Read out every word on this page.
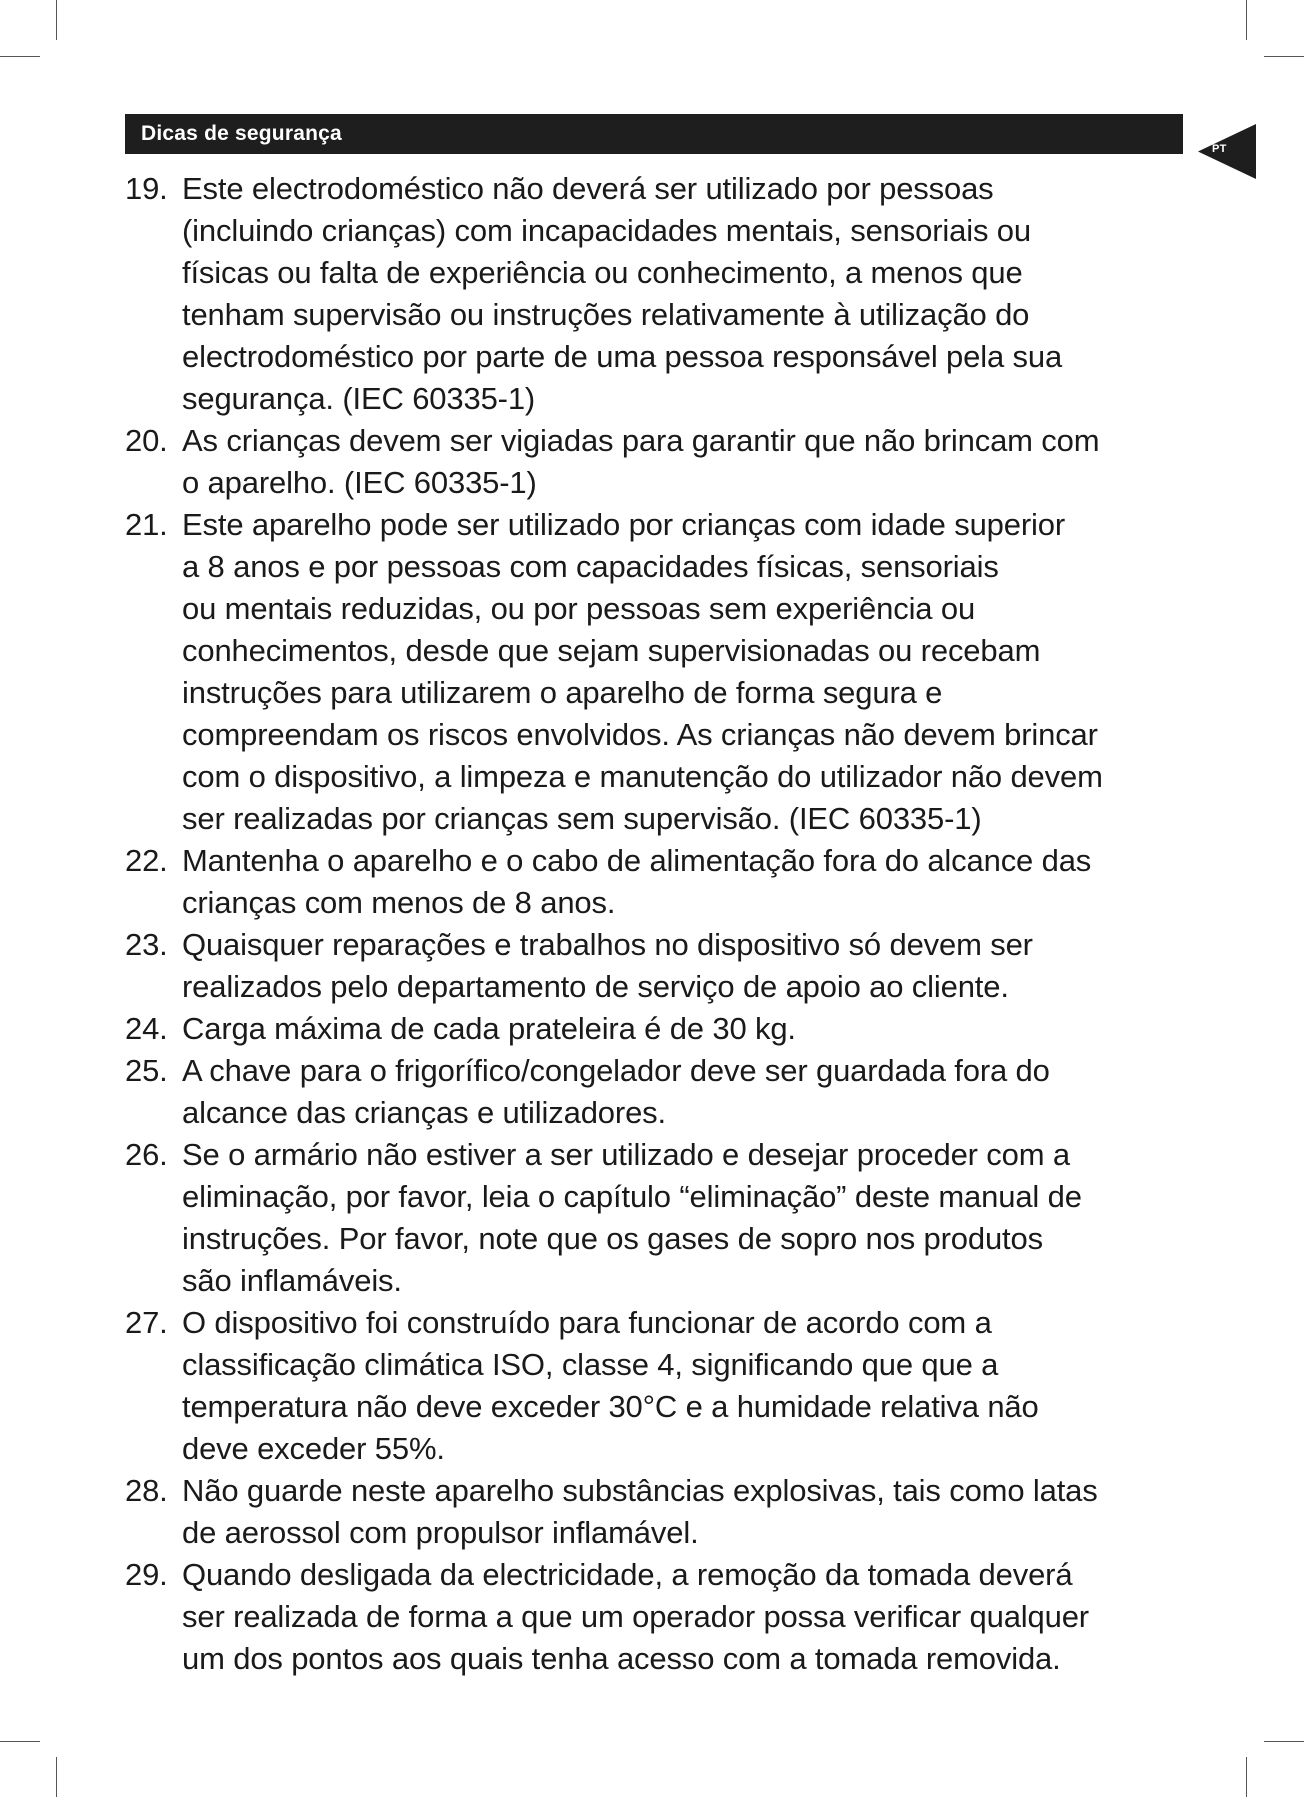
Dicas de segurança
PT
19. Este electrodoméstico não deverá ser utilizado por pessoas
(incluindo crianças) com incapacidades mentais, sensoriais ou
físicas ou falta de experiência ou conhecimento, a menos que
tenham supervisão ou instruções relativamente à utilização do
electrodoméstico por parte de uma pessoa responsável pela sua
segurança. (IEC 60335-1)
20. As crianças devem ser vigiadas para garantir que não brincam com
o aparelho. (IEC 60335-1)
21. Este aparelho pode ser utilizado por crianças com idade superior
a 8 anos e por pessoas com capacidades físicas, sensoriais
ou mentais reduzidas, ou por pessoas sem experiência ou
conhecimentos, desde que sejam supervisionadas ou recebam
instruções para utilizarem o aparelho de forma segura e
compreendam os riscos envolvidos. As crianças não devem brincar
com o dispositivo, a limpeza e manutenção do utilizador não devem
ser realizadas por crianças sem supervisão. (IEC 60335-1)
22. Mantenha o aparelho e o cabo de alimentação fora do alcance das
crianças com menos de 8 anos.
23. Quaisquer reparações e trabalhos no dispositivo só devem ser
realizados pelo departamento de serviço de apoio ao cliente.
24. Carga máxima de cada prateleira é de 30 kg.
25. A chave para o frigorífico/congelador deve ser guardada fora do
alcance das crianças e utilizadores.
26. Se o armário não estiver a ser utilizado e desejar proceder com a
eliminação, por favor, leia o capítulo “eliminação” deste manual de
instruções. Por favor, note que os gases de sopro nos produtos
são inflamáveis.
27. O dispositivo foi construído para funcionar de acordo com a
classificação climática ISO, classe 4, significando que que a
temperatura não deve exceder 30°C e a humidade relativa não
deve exceder 55%.
28. Não guarde neste aparelho substâncias explosivas, tais como latas
de aerossol com propulsor inflamável.
29. Quando desligada da electricidade, a remoção da tomada deverá
ser realizada de forma a que um operador possa verificar qualquer
um dos pontos aos quais tenha acesso com a tomada removida.
